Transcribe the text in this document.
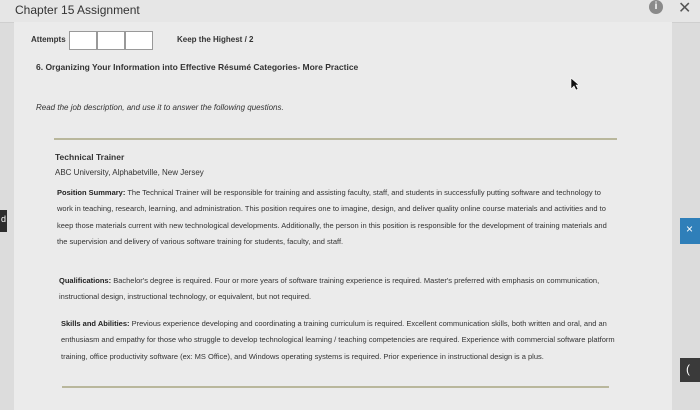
Chapter 15 Assignment	i	✕
d
×
(
Attempts	Keep the Highest / 2
6. Organizing Your Information into Effective Résumé Categories- More Practice
Read the job description, and use it to answer the following questions.
Technical Trainer
ABC University, Alphabetville, New Jersey
Position Summary: The Technical Trainer will be responsible for training and assisting faculty, staff, and students in successfully putting software and technology to work in teaching, research, learning, and administration. This position requires one to imagine, design, and deliver quality online course materials and activities and to keep those materials current with new technological developments. Additionally, the person in this position is responsible for the development of training materials and the supervision and delivery of various software training for students, faculty, and staff.
Qualifications: Bachelor's degree is required. Four or more years of software training experience is required. Master's preferred with emphasis on communication, instructional design, instructional technology, or equivalent, but not required.
Skills and Abilities: Previous experience developing and coordinating a training curriculum is required. Excellent communication skills, both written and oral, and an enthusiasm and empathy for those who struggle to develop technological learning / teaching competencies are required. Experience with commercial software platform training, office productivity software (ex: MS Office), and Windows operating systems is required. Prior experience in instructional design is a plus.
